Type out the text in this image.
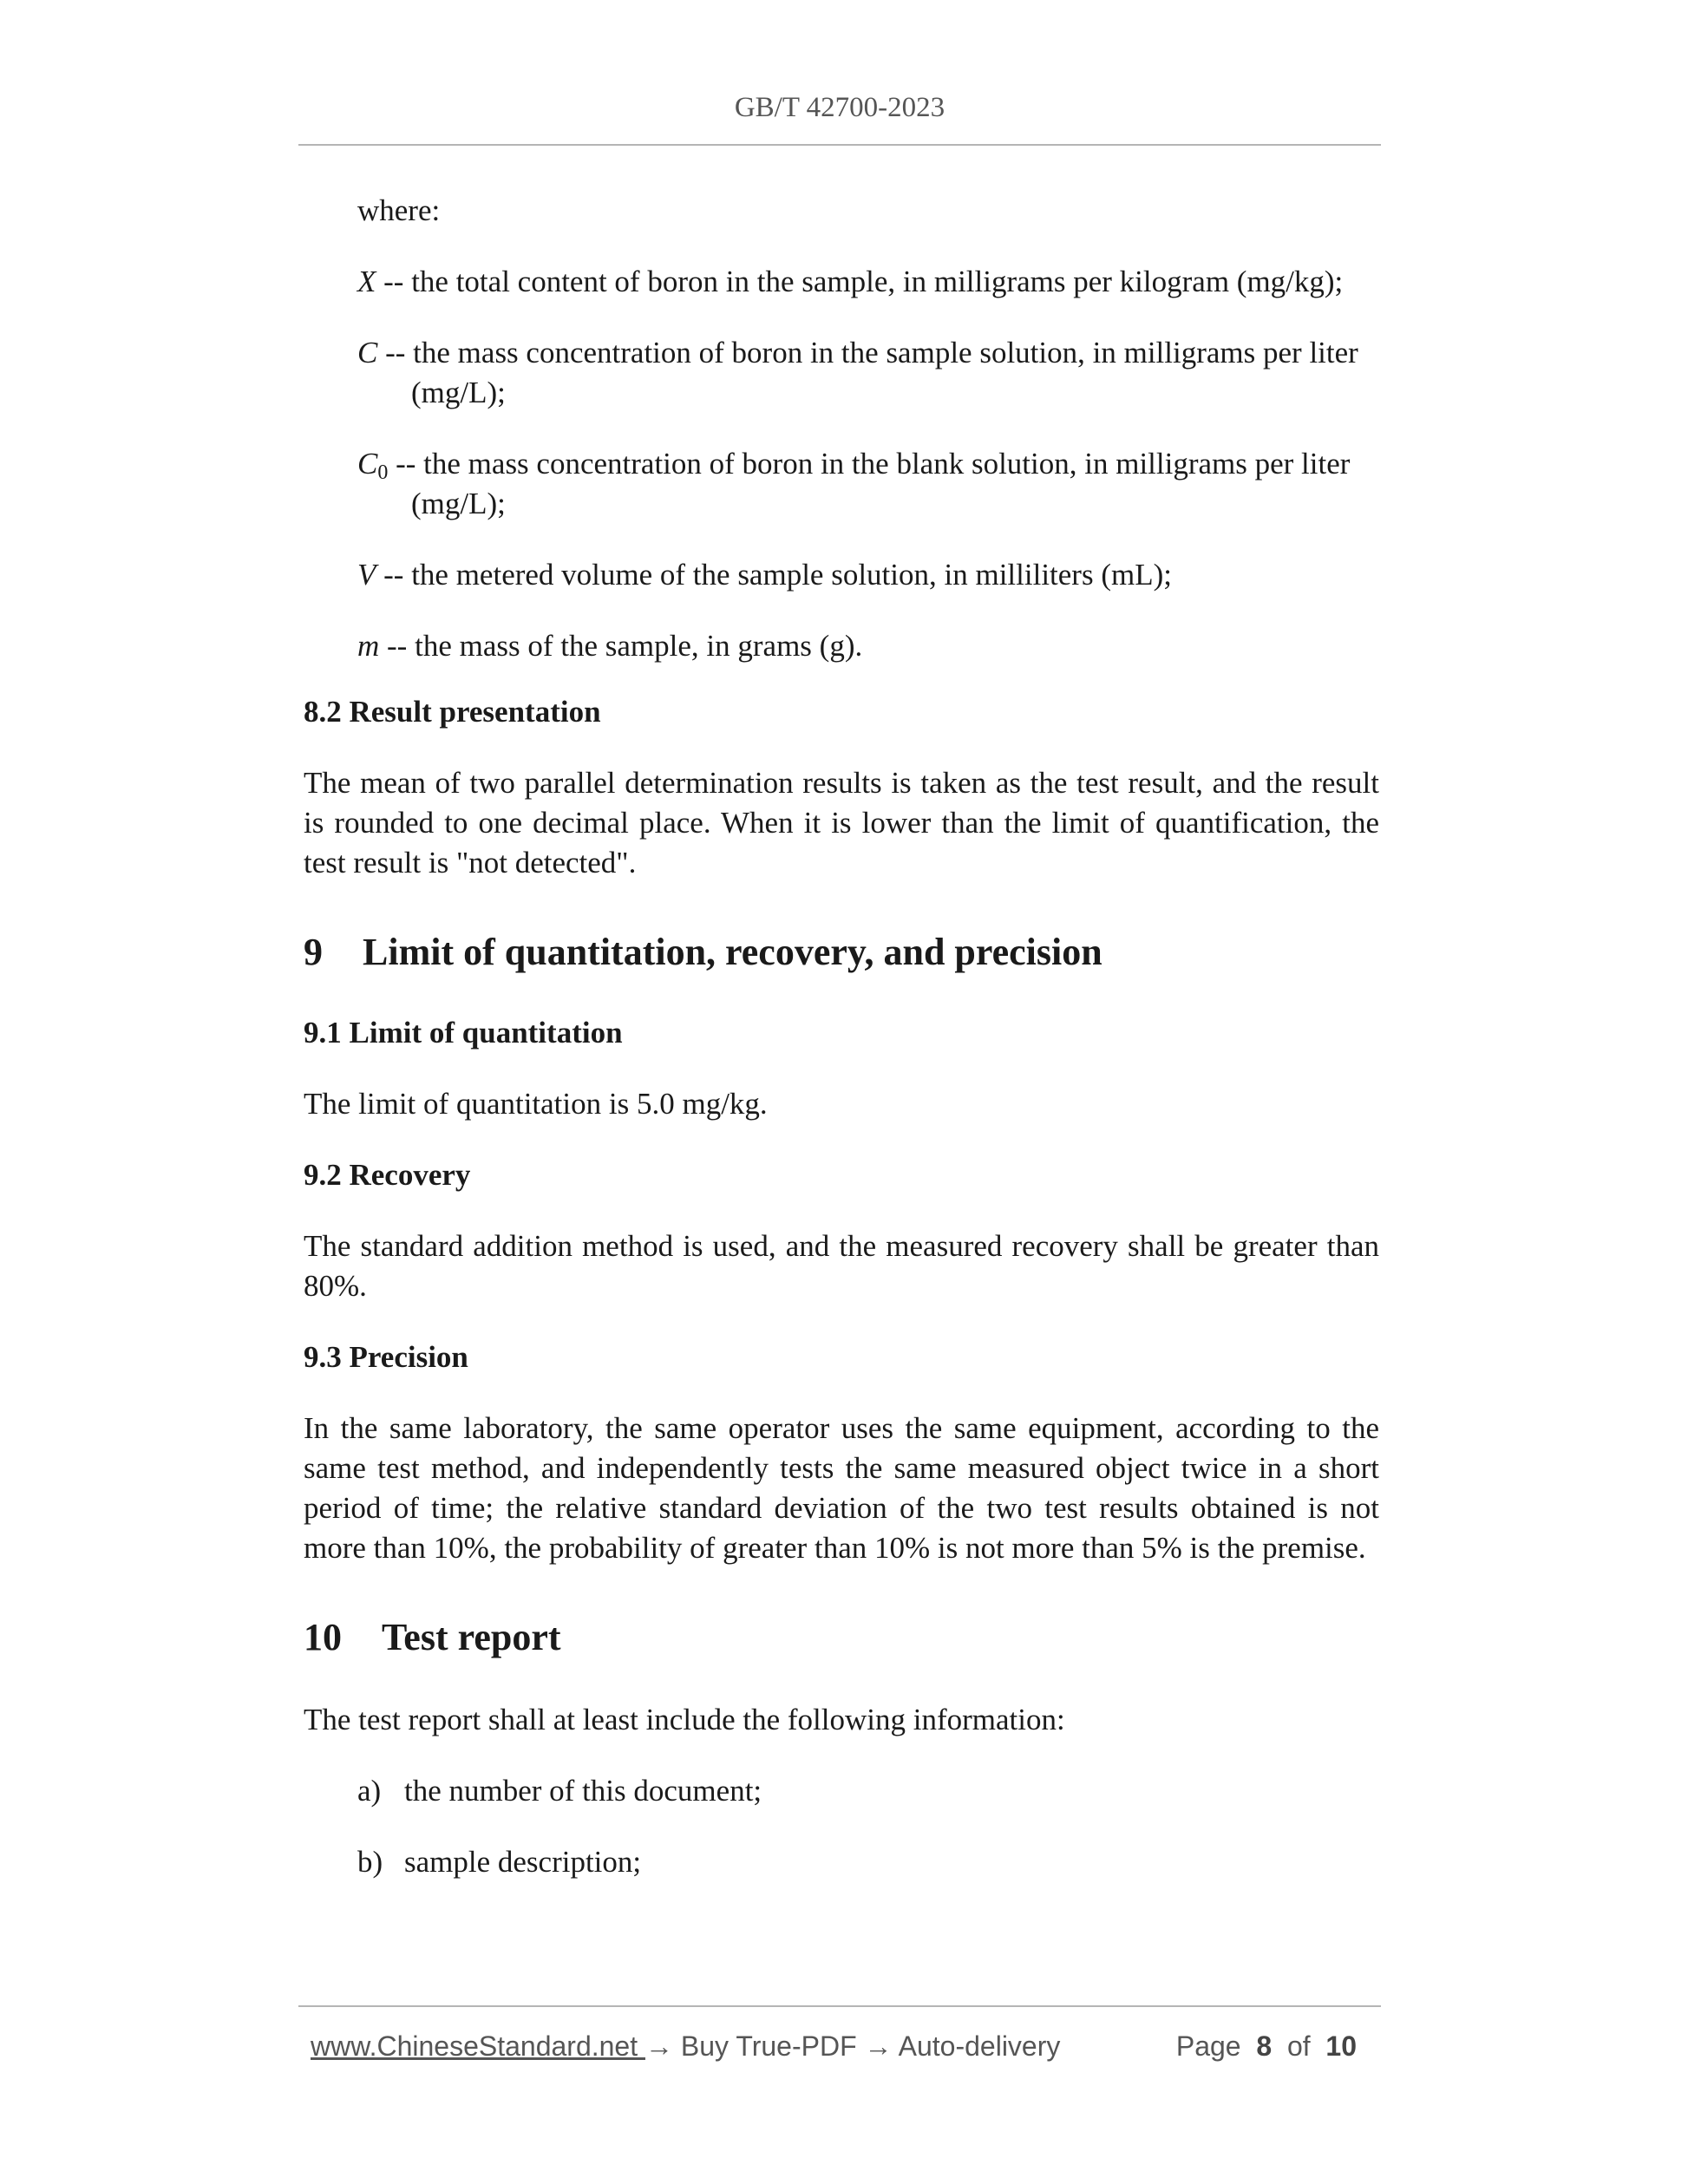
GB/T 42700-2023

where:

X -- the total content of boron in the sample, in milligrams per kilogram (mg/kg);

C -- the mass concentration of boron in the sample solution, in milligrams per liter (mg/L);

$C_0$ -- the mass concentration of boron in the blank solution, in milligrams per liter (mg/L);

V -- the metered volume of the sample solution, in milliliters (mL);

m -- the mass of the sample, in grams (g).

8.2 Result presentation

The mean of two parallel determination results is taken as the test result, and the result is rounded to one decimal place. When it is lower than the limit of quantification, the test result is "not detected".

9 Limit of quantitation, recovery, and precision
9.1 Limit of quantitation

The limit of quantitation is 5.0 mg/kg.

9.2 Recovery

The standard addition method is used, and the measured recovery shall be greater than 80%.

9.3 Precision

In the same laboratory, the same operator uses the same equipment, according to the same test method, and independently tests the same measured object twice in a short period of time; the relative standard deviation of the two test results obtained is not more than 10%, the probability of greater than 10% is not more than 5% is the premise.

10 Test report

The test report shall at least include the following information:

a) the number of this document;

b) sample description;

www.ChineseStandard.net → Buy True-PDF → Auto-delivery	Page 8 of 10
